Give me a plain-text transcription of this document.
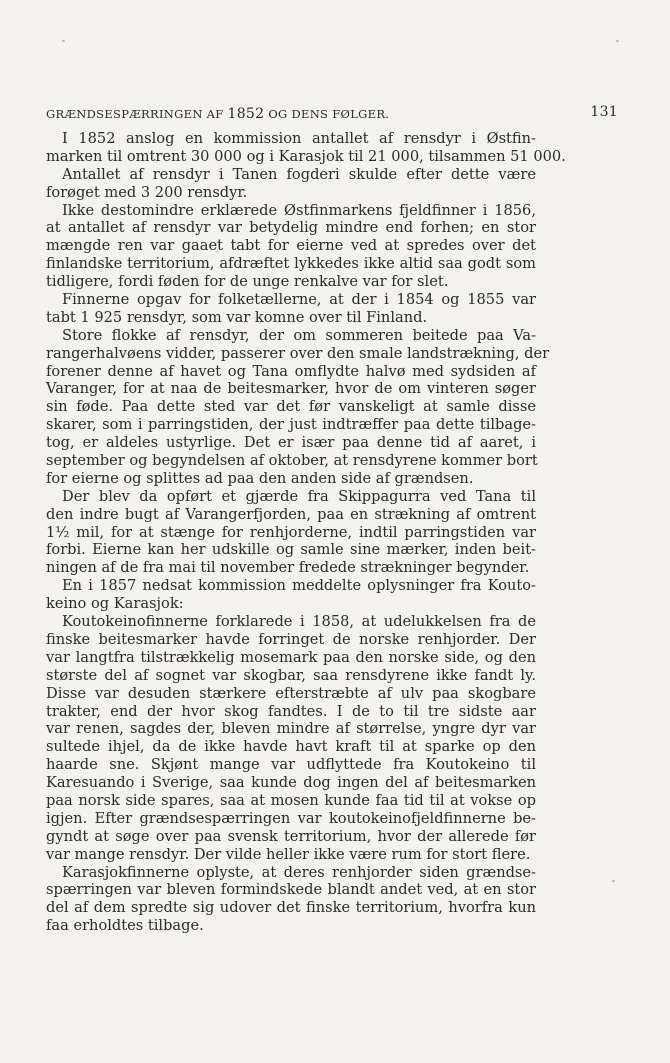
GRÆNDSESPÆRRINGEN AF 1852 OG DENS FØLGER.	131
I 1852 anslog en kommission antallet af rensdyr i Østfin-
marken til omtrent 30 000 og i Karasjok til 21 000, tilsammen 51 000.
Antallet af rensdyr i Tanen fogderi skulde efter dette være
forøget med 3 200 rensdyr.
Ikke destomindre erklærede Østfinmarkens fjeldfinner i 1856,
at antallet af rensdyr var betydelig mindre end forhen; en stor
mængde ren var gaaet tabt for eierne ved at spredes over det
finlandske territorium, afdræftet lykkedes ikke altid saa godt som
tidligere, fordi føden for de unge renkalve var for slet.
Finnerne opgav for folketællerne, at der i 1854 og 1855 var
tabt 1 925 rensdyr, som var komne over til Finland.
Store flokke af rensdyr, der om sommeren beitede paa Va-
rangerhalvøens vidder, passerer over den smale landstrækning, der
forener denne af havet og Tana omflydte halvø med sydsiden af
Varanger, for at naa de beitesmarker, hvor de om vinteren søger
sin føde. Paa dette sted var det før vanskeligt at samle disse
skarer, som i parringstiden, der just indtræffer paa dette tilbage-
tog, er aldeles ustyrlige. Det er især paa denne tid af aaret, i
september og begyndelsen af oktober, at rensdyrene kommer bort
for eierne og splittes ad paa den anden side af grændsen.
Der blev da opført et gjærde fra Skippagurra ved Tana til
den indre bugt af Varangerfjorden, paa en strækning af omtrent
1½ mil, for at stænge for renhjorderne, indtil parringstiden var
forbi. Eierne kan her udskille og samle sine mærker, inden beit-
ningen af de fra mai til november fredede strækninger begynder.
En i 1857 nedsat kommission meddelte oplysninger fra Kouto-
keino og Karasjok:
Koutokeinofinnerne forklarede i 1858, at udelukkelsen fra de
finske beitesmarker havde forringet de norske renhjorder. Der
var langtfra tilstrækkelig mosemark paa den norske side, og den
største del af sognet var skogbar, saa rensdyrene ikke fandt ly.
Disse var desuden stærkere efterstræbte af ulv paa skogbare
trakter, end der hvor skog fandtes. I de to til tre sidste aar
var renen, sagdes der, bleven mindre af størrelse, yngre dyr var
sultede ihjel, da de ikke havde havt kraft til at sparke op den
haarde sne. Skjønt mange var udflyttede fra Koutokeino til
Karesuando i Sverige, saa kunde dog ingen del af beitesmarken
paa norsk side spares, saa at mosen kunde faa tid til at vokse op
igjen. Efter grændsespærringen var koutokeinofjeldfinnerne be-
gyndt at søge over paa svensk territorium, hvor der allerede før
var mange rensdyr. Der vilde heller ikke være rum for stort flere.
Karasjokfinnerne oplyste, at deres renhjorder siden grændse-
spærringen var bleven formindskede blandt andet ved, at en stor
del af dem spredte sig udover det finske territorium, hvorfra kun
faa erholdtes tilbage.
